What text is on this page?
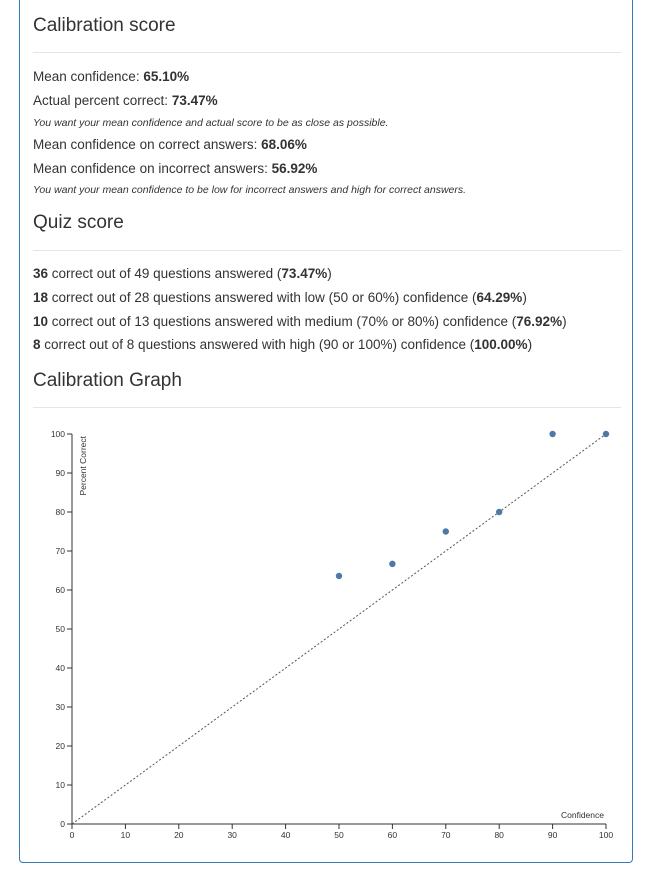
Calibration score

Mean confidence: 65.10%

Actual percent correct: 73.47%

You want your mean confidence and actual score to be as close as possible.

Mean confidence on correct answers: 68.06%

Mean confidence on incorrect answers: 56.92%

You want your mean confidence to be low for incorrect answers and high for correct answers.

Quiz score

36 correct out of 49 questions answered (73.47%)

18 correct out of 28 questions answered with low (50 or 60%) confidence (64.29%)

10 correct out of 13 questions answered with medium (70% or 80%) confidence (76.92%)

8 correct out of 8 questions answered with high (90 or 100%) confidence (100.00%)

Calibration Graph
0
10
20
30
40
50
60
70
80
90
100
0	10	20	30	40	50	60	70	80	90	100
Confidence
Percent Correct
